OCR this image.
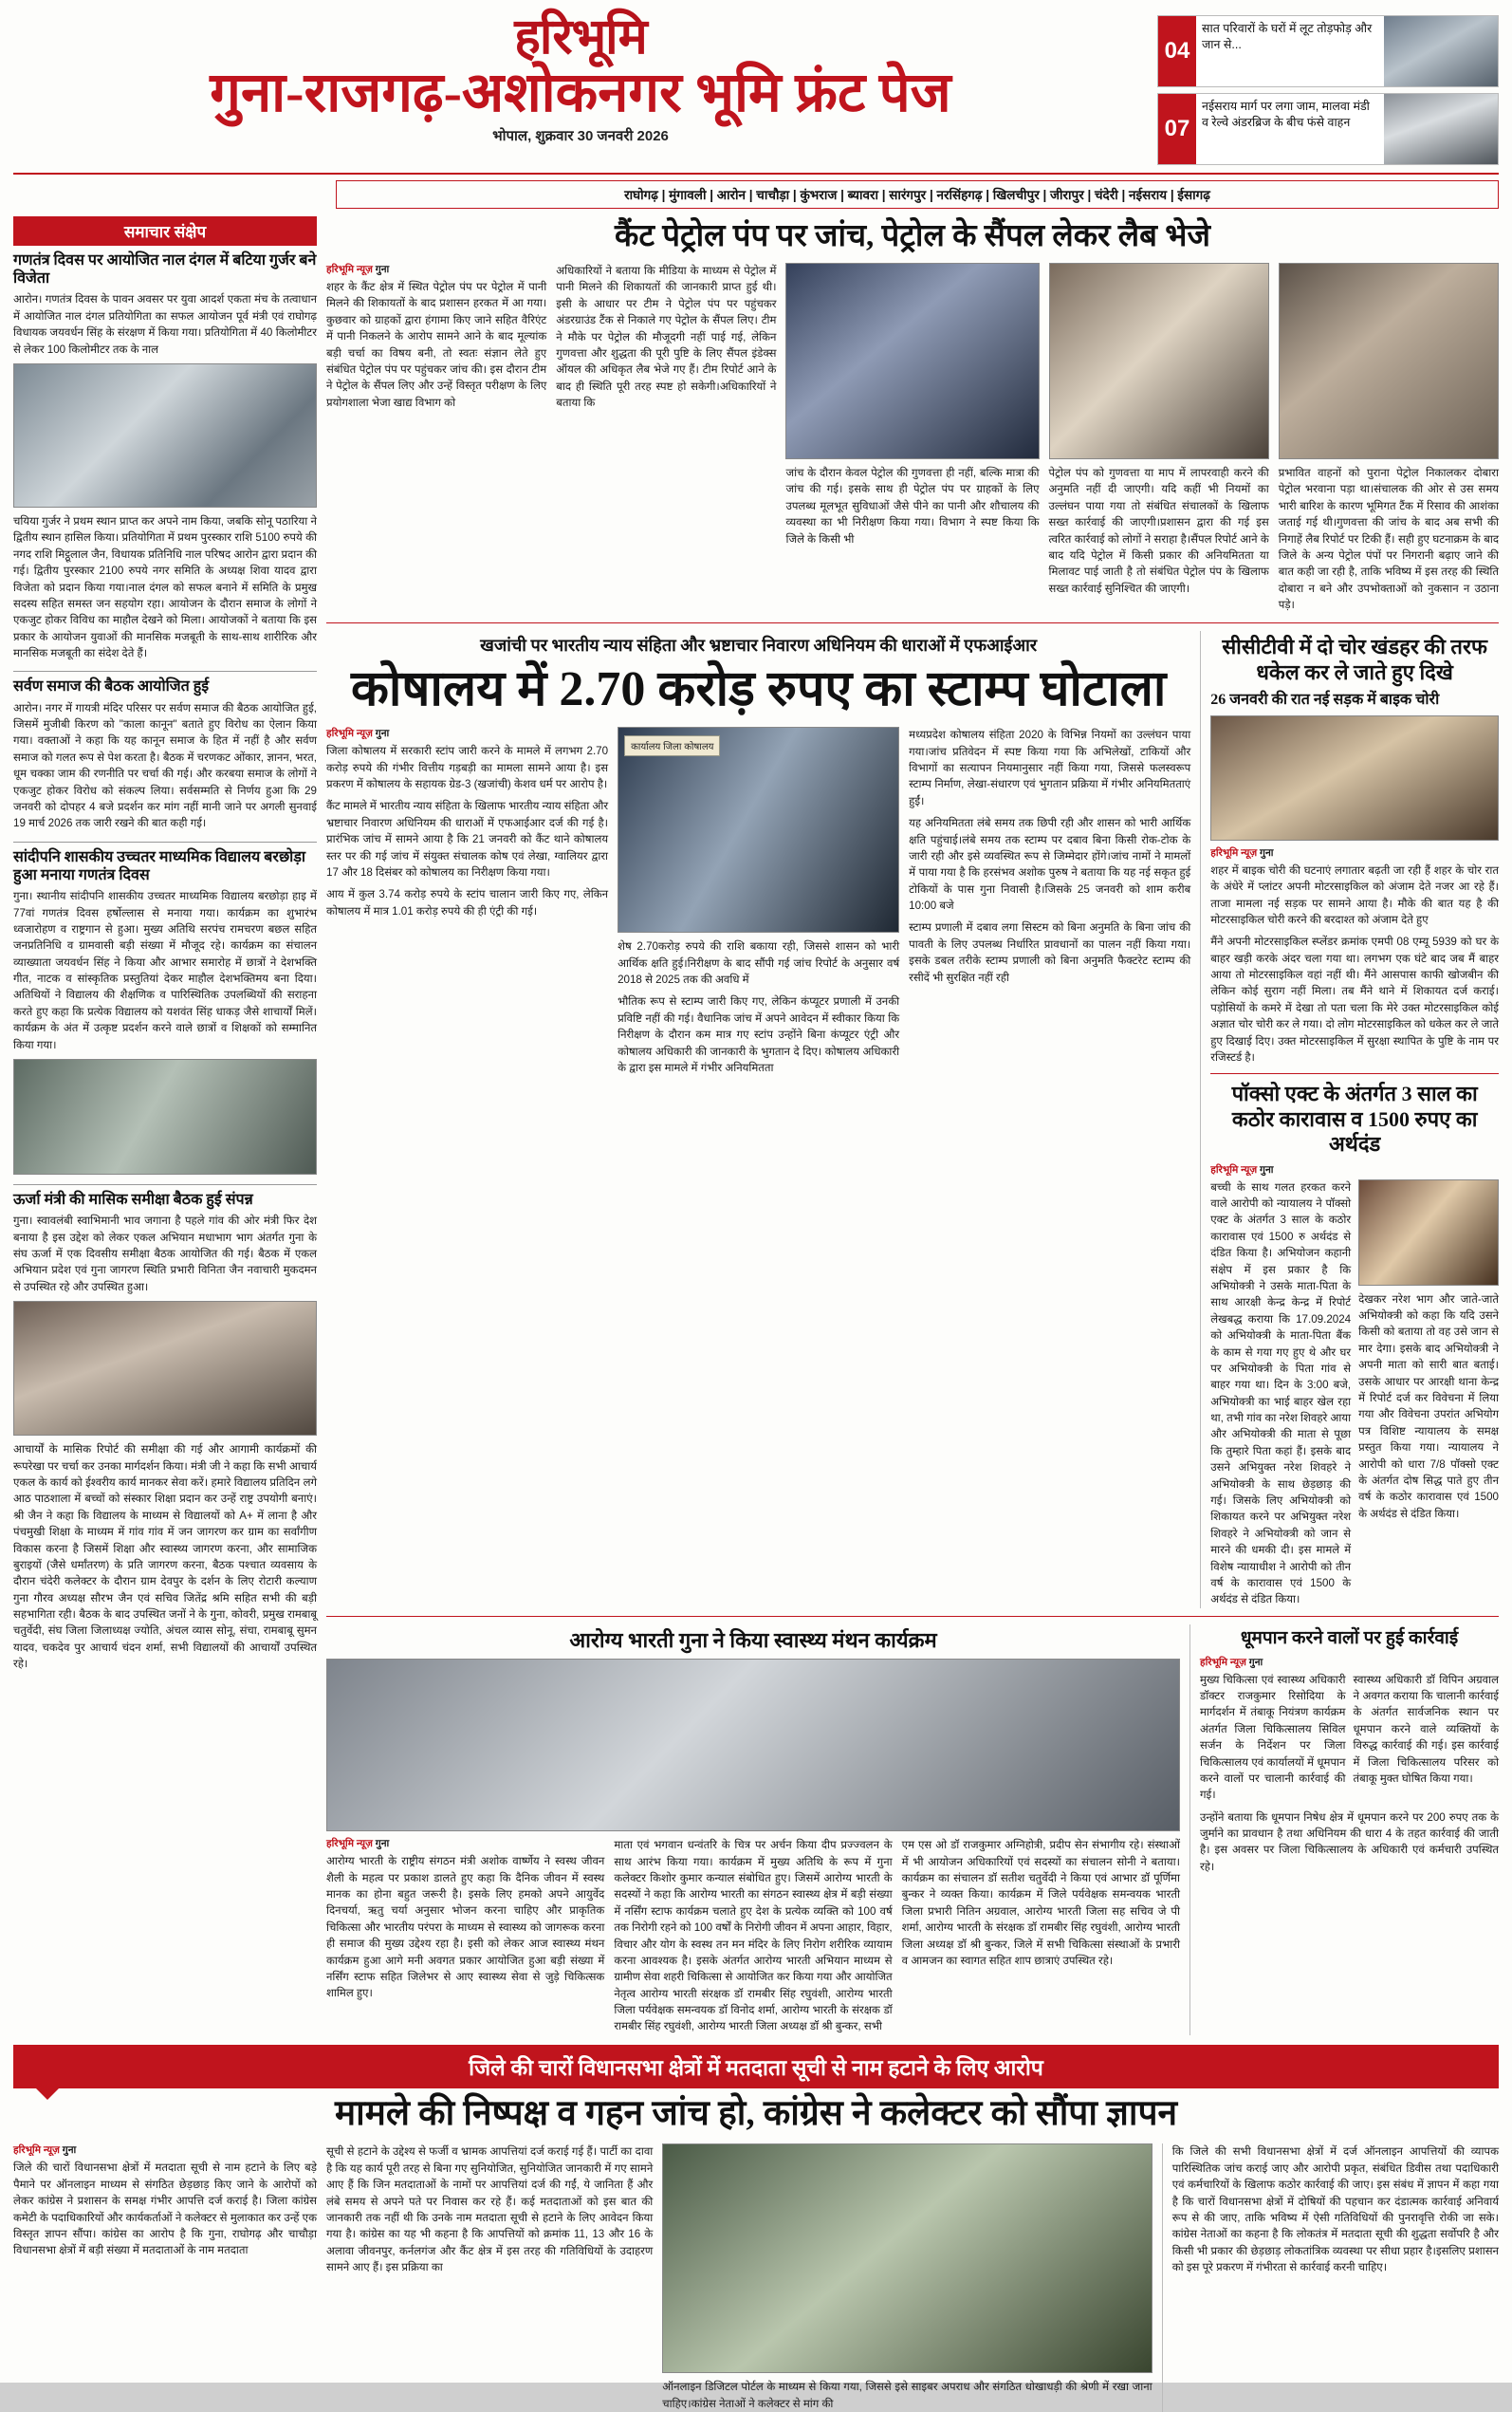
हरिभूमि
गुना-राजगढ़-अशोकनगर भूमि फ्रंट पेज
भोपाल, शुक्रवार 30 जनवरी 2026
04
सात परिवारों के घरों में लूट तोड़फोड़ और जान से...
07
नईसराय मार्ग पर लगा जाम, मालवा मंडी व रेल्वे अंडरब्रिज के बीच फंसे वाहन
राघोगढ़ | मुंगावली | आरोन | चाचौड़ा | कुंभराज | ब्यावरा | सारंगपुर | नरसिंहगढ़ | खिलचीपुर | जीरापुर | चंदेरी | नईसराय | ईसागढ़
समाचार संक्षेप
गणतंत्र दिवस पर आयोजित नाल दंगल में बटिया गुर्जर बने विजेता
आरोन। गणतंत्र दिवस के पावन अवसर पर युवा आदर्श एकता मंच के तत्वाधान में आयोजित नाल दंगल प्रतियोगिता का सफल आयोजन पूर्व मंत्री एवं राघोगढ़ विधायक जयवर्धन सिंह के संरक्षण में किया गया। प्रतियोगिता में 40 किलोमीटर से लेकर 100 किलोमीटर तक के नाल
चयिया गुर्जर ने प्रथम स्थान प्राप्त कर अपने नाम किया, जबकि सोनू पठारिया ने द्वितीय स्थान हासिल किया। प्रतियोगिता में प्रथम पुरस्कार राशि 5100 रुपये की नगद राशि मिट्ठूलाल जैन, विधायक प्रतिनिधि नाल परिषद आरोन द्वारा प्रदान की गई। द्वितीय पुरस्कार 2100 रुपये नगर समिति के अध्यक्ष शिवा यादव द्वारा विजेता को प्रदान किया गया।नाल दंगल को सफल बनाने में समिति के प्रमुख सदस्य सहित समस्त जन सहयोग रहा। आयोजन के दौरान समाज के लोगों ने एकजुट होकर विविध का माहौल देखने को मिला। आयोजकों ने बताया कि इस प्रकार के आयोजन युवाओं की मानसिक मजबूती के साथ-साथ शारीरिक और मानसिक मजबूती का संदेश देते हैं।
सर्वण समाज की बैठक आयोजित हुई
आरोन। नगर में गायत्री मंदिर परिसर पर सर्वण समाज की बैठक आयोजित हुई, जिसमें मुजीबी किरण को "काला कानून" बताते हुए विरोध का ऐलान किया गया। वक्ताओं ने कहा कि यह कानून समाज के हित में नहीं है और सर्वण समाज को गलत रूप से पेश करता है। बैठक में चरणकट ओंकार, ज्ञानन, भरत, धूम चक्का जाम की रणनीति पर चर्चा की गई। और करबया समाज के लोगों ने एकजुट होकर विरोध को संकल्प लिया। सर्वसम्मति से निर्णय हुआ कि 29 जनवरी को दोपहर 4 बजे प्रदर्शन कर मांग नहीं मानी जाने पर अगली सुनवाई 19 मार्च 2026 तक जारी रखने की बात कही गई।
सांदीपनि शासकीय उच्चतर माध्यमिक विद्यालय बरछोड़ा हुआ मनाया गणतंत्र दिवस
गुना। स्थानीय सांदीपनि शासकीय उच्चतर माध्यमिक विद्यालय बरछोड़ा हाइ में 77वां गणतंत्र दिवस हर्षोल्लास से मनाया गया। कार्यक्रम का शुभारंभ ध्वजारोहण व राष्ट्रगान से हुआ। मुख्य अतिथि सरपंच रामचरण बछल सहित जनप्रतिनिधि व ग्रामवासी बड़ी संख्या में मौजूद रहे। कार्यक्रम का संचालन व्याख्याता जयवर्धन सिंह ने किया और आभार समारोह में छात्रों ने देशभक्ति गीत, नाटक व सांस्कृतिक प्रस्तुतियां देकर माहौल देशभक्तिमय बना दिया। अतिथियों ने विद्यालय की शैक्षणिक व पारिस्थितिक उपलब्धियों की सराहना करते हुए कहा कि प्रत्येक विद्यालय को यशवंत सिंह धाकड़ जैसे शाचार्यों मिलें। कार्यक्रम के अंत में उत्कृष्ट प्रदर्शन करने वाले छात्रों व शिक्षकों को सम्मानित किया गया।
ऊर्जा मंत्री की मासिक समीक्षा बैठक हुई संपन्न
गुना। स्वावलंबी स्वाभिमानी भाव जगाना है पहले गांव की ओर मंत्री फिर देश बनाया है इस उद्देश को लेकर एकल अभियान मधाभाग भाग अंतर्गत गुना के संघ ऊर्जा में एक दिवसीय समीक्षा बैठक आयोजित की गई। बैठक में एकल अभियान प्रदेश एवं गुना जागरण स्थिति प्रभारी विनिता जैन नवाचारी मुकदमन से उपस्थित रहे और उपस्थित हुआ।
आचार्यों के मासिक रिपोर्ट की समीक्षा की गई और आगामी कार्यक्रमों की रूपरेखा पर चर्चा कर उनका मार्गदर्शन किया। मंत्री जी ने कहा कि सभी आचार्य एकल के कार्य को ईश्वरीय कार्य मानकर सेवा करें। हमारे विद्यालय प्रतिदिन लगे आठ पाठशाला में बच्चों को संस्कार शिक्षा प्रदान कर उन्हें राष्ट्र उपयोगी बनाएं। श्री जैन ने कहा कि विद्यालय के माध्यम से विद्यालयों को A+ में लाना है और पंचमुखी शिक्षा के माध्यम में गांव गांव में जन जागरण कर ग्राम का सर्वांगीण विकास करना है जिसमें शिक्षा और स्वास्थ्य जागरण करना, और सामाजिक बुराइयों (जैसे धर्मांतरण) के प्रति जागरण करना, बैठक पश्चात व्यवसाय के दौरान चंदेरी कलेक्टर के दौरान ग्राम देवपुर के दर्शन के लिए रोटारी कल्याण गुना गौरव अध्यक्ष सौरभ जैन एवं सचिव जितेंद्र श्रमि सहित सभी की बड़ी सहभागिता रही। बैठक के बाद उपस्थित जनों ने के गुना, कोवरी, प्रमुख रामबाबू चतुर्वेदी, संघ जिला जिलाध्यक्ष ज्योति, अंचल व्यास सोनू, संचा, रामबाबू सुमन यादव, चकदेव पुर आचार्य चंदन शर्मा, सभी विद्यालयों की आचार्यों उपस्थित रहे।
कैंट पेट्रोल पंप पर जांच, पेट्रोल के सैंपल लेकर लैब भेजे
हरिभूमि न्यूज़ गुना
शहर के कैंट क्षेत्र में स्थित पेट्रोल पंप पर पेट्रोल में पानी मिलने की शिकायतों के बाद प्रशासन हरकत में आ गया। कुछवार को ग्राहकों द्वारा हंगामा किए जाने सहित वैरिएंट में पानी निकलने के आरोप सामने आने के बाद मूल्यांक बड़ी चर्चा का विषय बनी, तो स्वतः संज्ञान लेते हुए संबंधित पेट्रोल पंप पर पहुंचकर जांच की। इस दौरान टीम ने पेट्रोल के सैंपल लिए और उन्हें विस्तृत परीक्षण के लिए प्रयोगशाला भेजा खाद्य विभाग को
अधिकारियों ने बताया कि मीडिया के माध्यम से पेट्रोल में पानी मिलने की शिकायतों की जानकारी प्राप्त हुई थी। इसी के आधार पर टीम ने पेट्रोल पंप पर पहुंचकर अंडरग्राउंड टैंक से निकाले गए पेट्रोल के सैंपल लिए। टीम ने मौके पर पेट्रोल की मौजूदगी नहीं पाई गई, लेकिन गुणवत्ता और शुद्धता की पूरी पुष्टि के लिए सैंपल इंडेक्स ऑयल की अधिकृत लैब भेजे गए हैं। टीम रिपोर्ट आने के बाद ही स्थिति पूरी तरह स्पष्ट हो सकेगी।अधिकारियों ने बताया कि
जांच के दौरान केवल पेट्रोल की गुणवत्ता ही नहीं, बल्कि मात्रा की जांच की गई। इसके साथ ही पेट्रोल पंप पर ग्राहकों के लिए उपलब्ध मूलभूत सुविधाओं जैसे पीने का पानी और शौचालय की व्यवस्था का भी निरीक्षण किया गया। विभाग ने स्पष्ट किया कि जिले के किसी भी
पेट्रोल पंप को गुणवत्ता या माप में लापरवाही करने की अनुमति नहीं दी जाएगी। यदि कहीं भी नियमों का उल्लंघन पाया गया तो संबंधित संचालकों के खिलाफ सख्त कार्रवाई की जाएगी।प्रशासन द्वारा की गई इस त्वरित कार्रवाई को लोगों ने सराहा है।सैंपल रिपोर्ट आने के बाद यदि पेट्रोल में किसी प्रकार की अनियमितता या मिलावट पाई जाती है तो संबंधित पेट्रोल पंप के खिलाफ सख्त कार्रवाई सुनिश्चित की जाएगी।
प्रभावित वाहनों को पुराना पेट्रोल निकालकर दोबारा पेट्रोल भरवाना पड़ा था।संचालक की ओर से उस समय भारी बारिश के कारण भूमिगत टैंक में रिसाव की आशंका जताई गई थी।गुणवत्ता की जांच के बाद अब सभी की निगाहें लैब रिपोर्ट पर टिकी हैं। सही हुए घटनाक्रम के बाद जिले के अन्य पेट्रोल पंपों पर निगरानी बढ़ाए जाने की बात कही जा रही है, ताकि भविष्य में इस तरह की स्थिति दोबारा न बने और उपभोक्ताओं को नुकसान न उठाना पड़े।
खजांची पर भारतीय न्याय संहिता और भ्रष्टाचार निवारण अधिनियम की धाराओं में एफआईआर
कोषालय में 2.70 करोड़ रुपए का स्टाम्प घोटाला
हरिभूमि न्यूज़ गुना
जिला कोषालय में सरकारी स्टांप जारी करने के मामले में लगभग 2.70 करोड़ रुपये की गंभीर वित्तीय गड़बड़ी का मामला सामने आया है। इस प्रकरण में कोषालय के सहायक ग्रेड-3 (खजांची) केशव धर्म पर आरोप है।
कैंट मामले में भारतीय न्याय संहिता के खिलाफ भारतीय न्याय संहिता और भ्रष्टाचार निवारण अधिनियम की धाराओं में एफआईआर दर्ज की गई है। प्रारंभिक जांच में सामने आया है कि 21 जनवरी को कैंट थाने कोषालय स्तर पर की गई जांच में संयुक्त संचालक कोष एवं लेखा, ग्वालियर द्वारा 17 और 18 दिसंबर को कोषालय का निरीक्षण किया गया।
आय में कुल 3.74 करोड़ रुपये के स्टांप चालान जारी किए गए, लेकिन कोषालय में मात्र 1.01 करोड़ रुपये की ही एंट्री की गई।
कार्यालय जिला कोषालय
शेष 2.70करोड़ रुपये की राशि बकाया रही, जिससे शासन को भारी आर्थिक क्षति हुई।निरीक्षण के बाद सौंपी गई जांच रिपोर्ट के अनुसार वर्ष 2018 से 2025 तक की अवधि में
भौतिक रूप से स्टाम्प जारी किए गए, लेकिन कंप्यूटर प्रणाली में उनकी प्रविष्टि नहीं की गई। वैधानिक जांच में अपने आवेदन में स्वीकार किया कि निरीक्षण के दौरान कम मात्र गए स्टांप उन्होंने बिना कंप्यूटर एंट्री और कोषालय अधिकारी की जानकारी के भुगतान दे दिए। कोषालय अधिकारी के द्वारा इस मामले में गंभीर अनियमितता
मध्यप्रदेश कोषालय संहिता 2020 के विभिन्न नियमों का उल्लंघन पाया गया।जांच प्रतिवेदन में स्पष्ट किया गया कि अभिलेखों, टाकियों और विभागों का सत्यापन नियमानुसार नहीं किया गया, जिससे फलस्वरूप स्टाम्प निर्माण, लेखा-संधारण एवं भुगतान प्रक्रिया में गंभीर अनियमितताएं हुईं।
यह अनियमितता लंबे समय तक छिपी रही और शासन को भारी आर्थिक क्षति पहुंचाई।लंबे समय तक स्टाम्प पर दबाव बिना किसी रोक-टोक के जारी रही और इसे व्यवस्थित रूप से जिम्मेदार होंगे।जांच नामों ने मामलों में पाया गया है कि हरसंभव अशोक पुरुष ने बताया कि यह नई सकृत हुई टोकियों के पास गुना निवासी है।जिसके 25 जनवरी को शाम करीब 10:00 बजे
स्टाम्प प्रणाली में दबाव लगा सिस्टम को बिना अनुमति के बिना जांच की पावती के लिए उपलब्ध निर्धारित प्रावधानों का पालन नहीं किया गया।इसके डबल तरीके स्टाम्प प्रणाली को बिना अनुमति फैक्टरेट स्टाम्प की रसीदें भी सुरक्षित नहीं रही
सीसीटीवी में दो चोर खंडहर की तरफ धकेल कर ले जाते हुए दिखे
26 जनवरी की रात नई सड़क में बाइक चोरी
हरिभूमि न्यूज़ गुना
शहर में बाइक चोरी की घटनाएं लगातार बढ़ती जा रही हैं शहर के चोर रात के अंधेरे में प्लांटर अपनी मोटरसाइकिल को अंजाम देते नजर आ रहे हैं। ताजा मामला नई सड़क पर सामने आया है। मौके की बात यह है की मोटरसाइकिल चोरी करने की बरदाश्त को अंजाम देते हुए
मैंने अपनी मोटरसाइकिल स्प्लेंडर क्रमांक एमपी 08 एम्यू 5939 को घर के बाहर खड़ी करके अंदर चला गया था। लगभग एक घंटे बाद जब मैं बाहर आया तो मोटरसाइकिल वहां नहीं थी। मैंने आसपास काफी खोजबीन की लेकिन कोई सुराग नहीं मिला। तब मैंने थाने में शिकायत दर्ज कराई। पड़ोसियों के कमरे में देखा तो पता चला कि मेरे उक्त मोटरसाइकिल कोई अज्ञात चोर चोरी कर ले गया। दो लोग मोटरसाइकिल को धकेल कर ले जाते हुए दिखाई दिए। उक्त मोटरसाइकिल में सुरक्षा स्थापित के पुष्टि के नाम पर रजिस्टर्ड है।
पॉक्सो एक्ट के अंतर्गत 3 साल का कठोर कारावास व 1500 रुपए का अर्थदंड
हरिभूमि न्यूज़ गुना
बच्ची के साथ गलत हरकत करने वाले आरोपी को न्यायालय ने पॉक्सो एक्ट के अंतर्गत 3 साल के कठोर कारावास एवं 1500 रु अर्थदंड से दंडित किया है। अभियोजन कहानी संक्षेप में इस प्रकार है कि अभियोक्त्री ने उसके माता-पिता के साथ आरक्षी केन्द्र केन्द्र में रिपोर्ट लेखबद्ध कराया कि 17.09.2024 को अभियोक्त्री के माता-पिता बैंक के काम से गया गए हुए थे और घर पर अभियोक्त्री के पिता गांव से बाहर गया था। दिन के 3:00 बजे, अभियोक्त्री का भाई बाहर खेल रहा था, तभी गांव का नरेश शिवहरे आया और अभियोक्त्री की माता से पूछा कि तुम्हारे पिता कहां हैं। इसके बाद उसने अभियुक्त नरेश शिवहरे ने अभियोक्त्री के साथ छेड़छाड़ की गई। जिसके लिए अभियोक्त्री को शिकायत करने पर अभियुक्त नरेश शिवहरे ने अभियोक्त्री को जान से मारने की धमकी दी। इस मामले में विशेष न्यायाधीश ने आरोपी को तीन वर्ष के कारावास एवं 1500 के अर्थदंड से दंडित किया।
देखकर नरेश भाग और जाते-जाते अभियोक्त्री को कहा कि यदि उसने किसी को बताया तो वह उसे जान से मार देगा। इसके बाद अभियोक्त्री ने अपनी माता को सारी बात बताई। उसके आधार पर आरक्षी थाना केन्द्र में रिपोर्ट दर्ज कर विवेचना में लिया गया और विवेचना उपरांत अभियोग पत्र विशिष्ट न्यायालय के समक्ष प्रस्तुत किया गया। न्यायालय ने आरोपी को धारा 7/8 पॉक्सो एक्ट के अंतर्गत दोष सिद्ध पाते हुए तीन वर्ष के कठोर कारावास एवं 1500 के अर्थदंड से दंडित किया।
आरोग्य भारती गुना ने किया स्वास्थ्य मंथन कार्यक्रम
हरिभूमि न्यूज़ गुना
आरोग्य भारती के राष्ट्रीय संगठन मंत्री अशोक वार्ष्णेय ने स्वस्थ जीवन शैली के महत्व पर प्रकाश डालते हुए कहा कि दैनिक जीवन में स्वस्थ मानक का होना बहुत जरूरी है। इसके लिए हमको अपने आयुर्वेद दिनचर्या, ऋतु चर्या अनुसार भोजन करना चाहिए और प्राकृतिक चिकित्सा और भारतीय परंपरा के माध्यम से स्वास्थ्य को जागरूक करना ही समाज की मुख्य उद्देश्य रहा है। इसी को लेकर आज स्वास्थ्य मंथन कार्यक्रम हुआ आगे मनी अवगत प्रकार आयोजित हुआ बड़ी संख्या में नर्सिंग स्टाफ सहित जिलेभर से आए स्वास्थ्य सेवा से जुड़े चिकित्सक शामिल हुए।
माता एवं भगवान धन्वंतरि के चित्र पर अर्चन किया दीप प्रज्ज्वलन के साथ आरंभ किया गया। कार्यक्रम में मुख्य अतिथि के रूप में गुना कलेक्टर किशोर कुमार कन्याल संबोधित हुए। जिसमें आरोग्य भारती के सदस्यों ने कहा कि आरोग्य भारती का संगठन स्वास्थ्य क्षेत्र में बड़ी संख्या में नर्सिंग स्टाफ कार्यक्रम चलाते हुए देश के प्रत्येक व्यक्ति को 100 वर्ष तक निरोगी रहने को 100 वर्षों के निरोगी जीवन में अपना आहार, विहार, विचार और योग के स्वस्थ तन मन मंदिर के लिए निरोग शरीरिक व्यायाम करना आवश्यक है। इसके अंतर्गत आरोग्य भारती अभियान माध्यम से ग्रामीण सेवा शहरी चिकित्सा से आयोजित कर किया गया और आयोजित नेतृत्व आरोग्य भारती संरक्षक डॉ रामबीर सिंह रघुवंशी, आरोग्य भारती जिला पर्यवेक्षक समन्वयक डॉ विनोद शर्मा, आरोग्य भारती के संरक्षक डॉ रामबीर सिंह रघुवंशी, आरोग्य भारती जिला अध्यक्ष डॉ श्री बुन्कर, सभी
एम एस ओ डॉ राजकुमार अग्निहोत्री, प्रदीप सेन संभागीय रहे। संस्थाओं में भी आयोजन अधिकारियों एवं सदस्यों का संचालन सोनी ने बताया। कार्यक्रम का संचालन डॉ सतीश चतुर्वेदी ने किया एवं आभार डॉ पूर्णिमा बुन्कर ने व्यक्त किया। कार्यक्रम में जिले पर्यवेक्षक समन्वयक भारती जिला प्रभारी नितिन अग्रवाल, आरोग्य भारती जिला सह सचिव जे पी शर्मा, आरोग्य भारती के संरक्षक डॉ रामबीर सिंह रघुवंशी, आरोग्य भारती जिला अध्यक्ष डॉ श्री बुन्कर, जिले में सभी चिकित्सा संस्थाओं के प्रभारी व आमजन का स्वागत सहित शाप छात्राएं उपस्थित रहे।
धूमपान करने वालों पर हुई कार्रवाई
हरिभूमि न्यूज़ गुना
मुख्य चिकित्सा एवं स्वास्थ्य अधिकारी डॉक्टर राजकुमार रिसोदिया के मार्गदर्शन में तंबाकू नियंत्रण कार्यक्रम अंतर्गत जिला चिकित्सालय सिविल सर्जन के निर्देशन पर जिला चिकित्सालय एवं कार्यालयों में धूमपान करने वालों पर चालानी कार्रवाई की गई।
स्वास्थ्य अधिकारी डॉ विपिन अग्रवाल ने अवगत कराया कि चालानी कार्रवाई के अंतर्गत सार्वजनिक स्थान पर धूमपान करने वाले व्यक्तियों के विरुद्ध कार्रवाई की गई। इस कार्रवाई में जिला चिकित्सालय परिसर को तंबाकू मुक्त घोषित किया गया।
उन्होंने बताया कि धूमपान निषेध क्षेत्र में धूमपान करने पर 200 रुपए तक के जुर्माने का प्रावधान है तथा अधिनियम की धारा 4 के तहत कार्रवाई की जाती है। इस अवसर पर जिला चिकित्सालय के अधिकारी एवं कर्मचारी उपस्थित रहे।
जिले की चारों विधानसभा क्षेत्रों में मतदाता सूची से नाम हटाने के लिए आरोप
मामले की निष्पक्ष व गहन जांच हो, कांग्रेस ने कलेक्टर को सौंपा ज्ञापन
हरिभूमि न्यूज़ गुना
जिले की चारों विधानसभा क्षेत्रों में मतदाता सूची से नाम हटाने के लिए बड़े पैमाने पर ऑनलाइन माध्यम से संगठित छेड़छाड़ किए जाने के आरोपों को लेकर कांग्रेस ने प्रशासन के समक्ष गंभीर आपत्ति दर्ज कराई है। जिला कांग्रेस कमेटी के पदाधिकारियों और कार्यकर्ताओं ने कलेक्टर से मुलाकात कर उन्हें एक विस्तृत ज्ञापन सौंपा। कांग्रेस का आरोप है कि गुना, राघोगढ़ और चाचौड़ा विधानसभा क्षेत्रों में बड़ी संख्या में मतदाताओं के नाम मतदाता
सूची से हटाने के उद्देश्य से फर्जी व भ्रामक आपत्तियां दर्ज कराई गई हैं। पार्टी का दावा है कि यह कार्य पूरी तरह से बिना गए सुनियोजित, सुनियोजित जानकारी में गए सामने आए हैं कि जिन मतदाताओं के नामों पर आपत्तियां दर्ज की गईं, ये जानिता हैं और लंबे समय से अपने पते पर निवास कर रहे हैं। कई मतदाताओं को इस बात की जानकारी तक नहीं थी कि उनके नाम मतदाता सूची से हटाने के लिए आवेदन किया गया है। कांग्रेस का यह भी कहना है कि आपत्तियों को क्रमांक 11, 13 और 16 के अलावा जीवनपुर, कर्नलगंज और कैंट क्षेत्र में इस तरह की गतिविधियों के उदाहरण सामने आए हैं। इस प्रक्रिया का
ऑनलाइन डिजिटल पोर्टल के माध्यम से किया गया, जिससे इसे साइबर अपराध और संगठित धोखाधड़ी की श्रेणी में रखा जाना चाहिए।कांग्रेस नेताओं ने कलेक्टर से मांग की
कि जिले की सभी विधानसभा क्षेत्रों में दर्ज ऑनलाइन आपत्तियों की व्यापक पारिस्थितिक जांच कराई जाए और आरोपी प्रकृत, संबंधित डिवीस तथा पदाधिकारी एवं कर्मचारियों के खिलाफ कठोर कार्रवाई की जाए। इस संबंध में ज्ञापन में कहा गया है कि चारों विधानसभा क्षेत्रों में दोषियों की पहचान कर दंडात्मक कार्रवाई अनिवार्य रूप से की जाए, ताकि भविष्य में ऐसी गतिविधियों की पुनरावृत्ति रोकी जा सके। कांग्रेस नेताओं का कहना है कि लोकतंत्र में मतदाता सूची की शुद्धता सर्वोपरि है और किसी भी प्रकार की छेड़छाड़ लोकतांत्रिक व्यवस्था पर सीधा प्रहार है।इसलिए प्रशासन को इस पूरे प्रकरण में गंभीरता से कार्रवाई करनी चाहिए।
